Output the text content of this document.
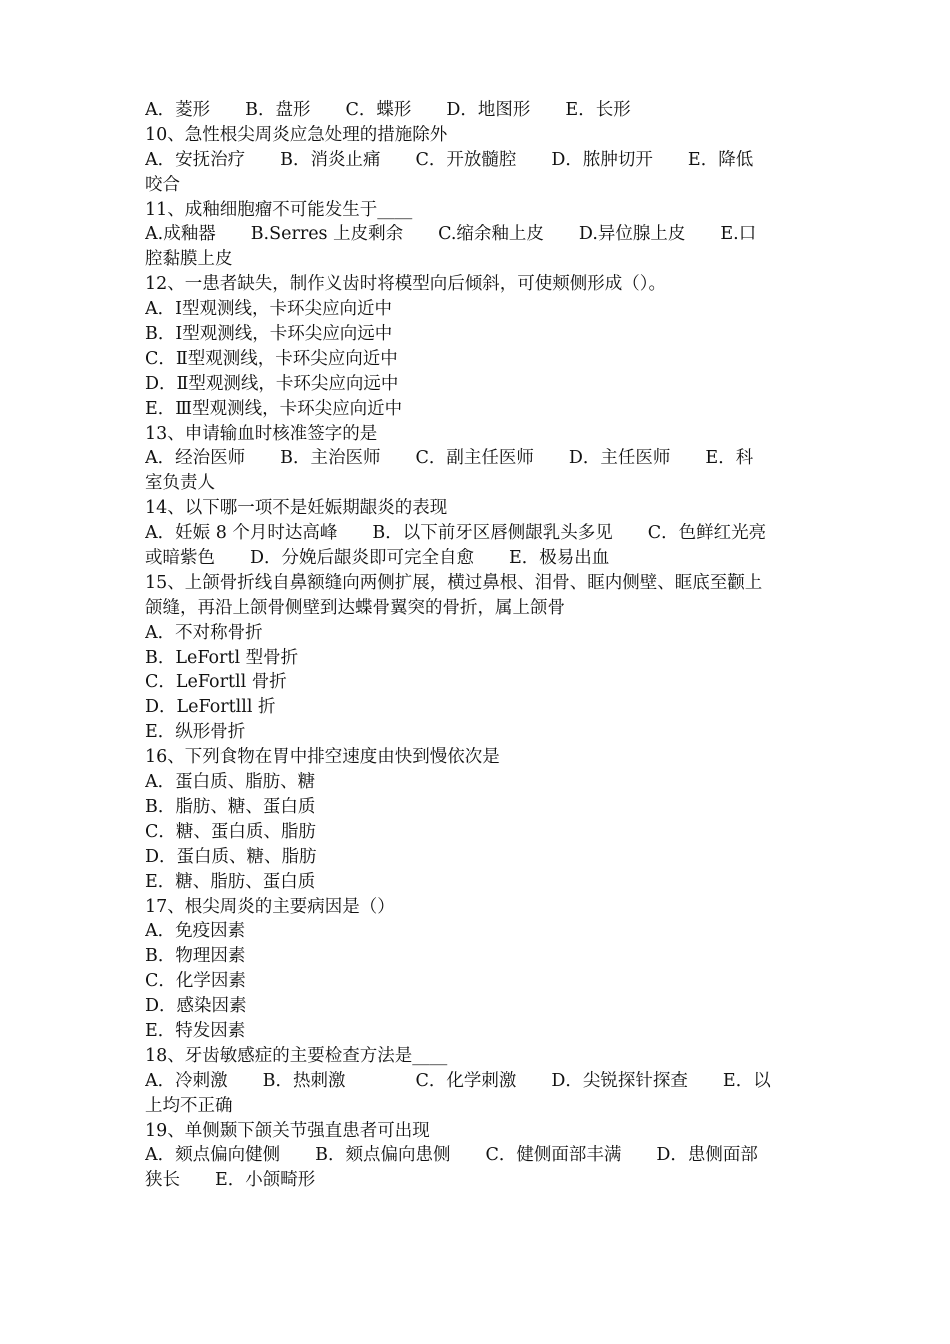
A．菱形　　B．盘形　　C．蝶形　　D．地图形　　E．长形
10、急性根尖周炎应急处理的措施除外
A．安抚治疗　　B．消炎止痛　　C．开放髓腔　　D．脓肿切开　　E．降低
咬合
11、成釉细胞瘤不可能发生于____
A.成釉器　　B.Serres 上皮剩余　　C.缩余釉上皮　　D.异位腺上皮　　E.口
腔黏膜上皮
12、一患者缺失，制作义齿时将模型向后倾斜，可使颊侧形成（）。
A．Ⅰ型观测线，卡环尖应向近中
B．Ⅰ型观测线，卡环尖应向远中
C．Ⅱ型观测线，卡环尖应向近中
D．Ⅱ型观测线，卡环尖应向远中
E．Ⅲ型观测线，卡环尖应向近中
13、申请输血时核准签字的是
A．经治医师　　B．主治医师　　C．副主任医师　　D．主任医师　　E．科
室负责人
14、以下哪一项不是妊娠期龈炎的表现
A．妊娠 8 个月时达高峰　　B．以下前牙区唇侧龈乳头多见　　C．色鲜红光亮
或暗紫色　　D．分娩后龈炎即可完全自愈　　E．极易出血
15、上颌骨折线自鼻额缝向两侧扩展，横过鼻根、泪骨、眶内侧壁、眶底至颧上
颌缝，再沿上颌骨侧壁到达蝶骨翼突的骨折，属上颌骨
A．不对称骨折
B．LeFortl 型骨折
C．LeFortll 骨折
D．LeFortlll 折
E．纵形骨折
16、下列食物在胃中排空速度由快到慢依次是
A．蛋白质、脂肪、糖
B．脂肪、糖、蛋白质
C．糖、蛋白质、脂肪
D．蛋白质、糖、脂肪
E．糖、脂肪、蛋白质
17、根尖周炎的主要病因是（）
A．免疫因素
B．物理因素
C．化学因素
D．感染因素
E．特发因素
18、牙齿敏感症的主要检查方法是____
A．冷刺激　　B．热刺激　　　　C．化学刺激　　D．尖锐探针探查　　E．以
上均不正确
19、单侧颞下颌关节强直患者可出现
A．颏点偏向健侧　　B．颏点偏向患侧　　C．健侧面部丰满　　D．患侧面部
狭长　　E．小颌畸形
